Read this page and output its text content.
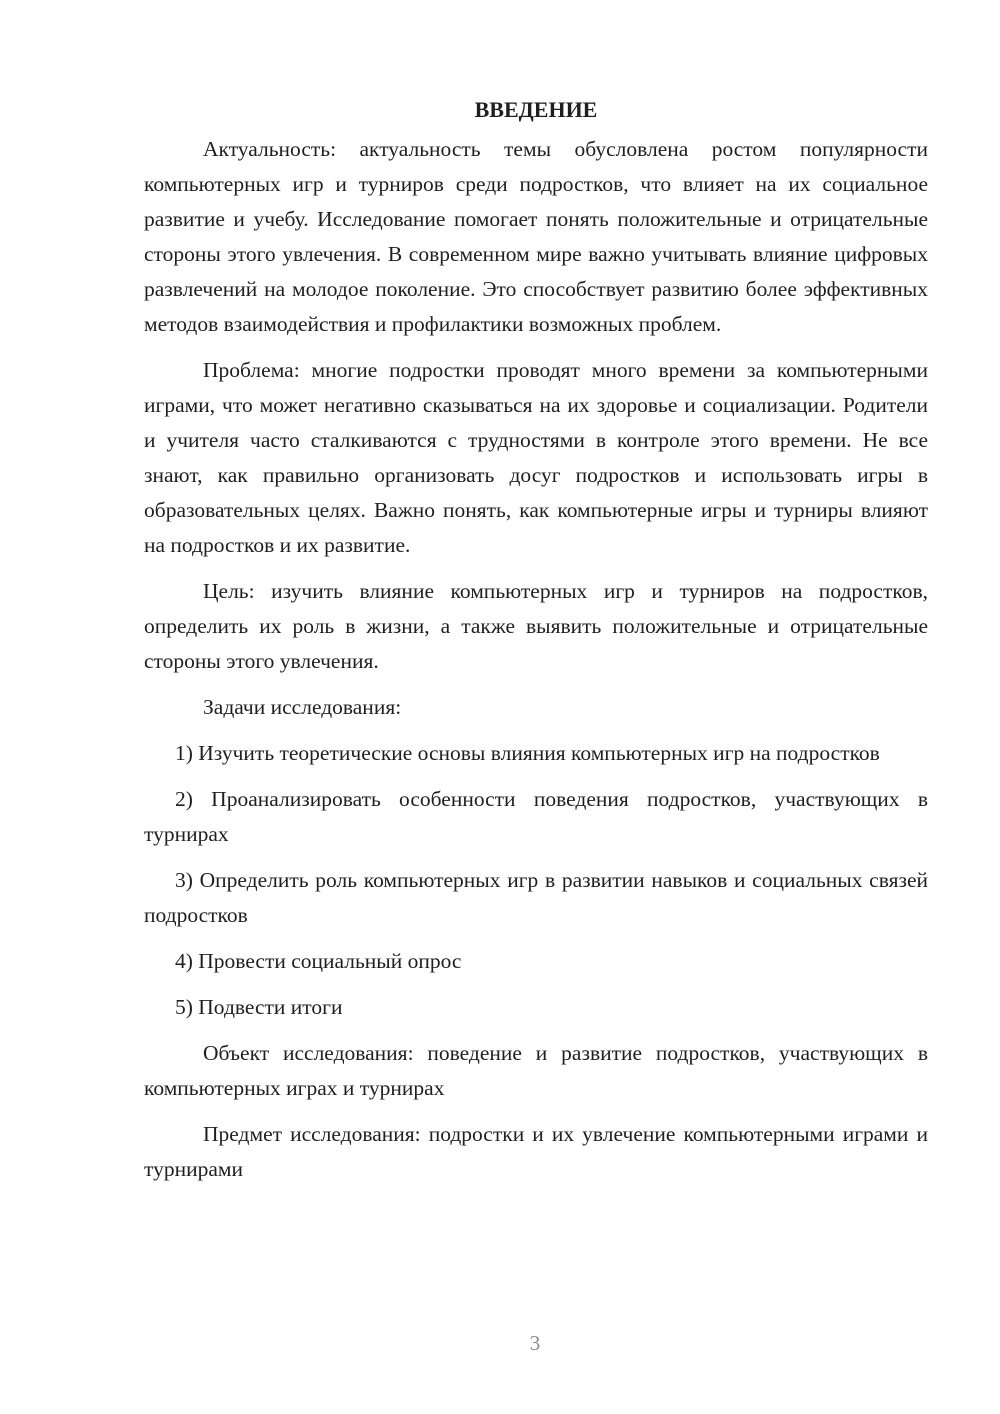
ВВЕДЕНИЕ

Актуальность: актуальность темы обусловлена ростом популярности компьютерных игр и турниров среди подростков, что влияет на их социальное развитие и учебу. Исследование помогает понять положительные и отрицательные стороны этого увлечения. В современном мире важно учитывать влияние цифровых развлечений на молодое поколение. Это способствует развитию более эффективных методов взаимодействия и профилактики возможных проблем.

Проблема: многие подростки проводят много времени за компьютерными играми, что может негативно сказываться на их здоровье и социализации. Родители и учителя часто сталкиваются с трудностями в контроле этого времени. Не все знают, как правильно организовать досуг подростков и использовать игры в образовательных целях. Важно понять, как компьютерные игры и турниры влияют на подростков и их развитие.

Цель: изучить влияние компьютерных игр и турниров на подростков, определить их роль в жизни, а также выявить положительные и отрицательные стороны этого увлечения.

Задачи исследования:

1) Изучить теоретические основы влияния компьютерных игр на подростков

2) Проанализировать особенности поведения подростков, участвующих в турнирах

3) Определить роль компьютерных игр в развитии навыков и социальных связей подростков

4) Провести социальный опрос

5) Подвести итоги

Объект исследования: поведение и развитие подростков, участвующих в компьютерных играх и турнирах

Предмет исследования: подростки и их увлечение компьютерными играми и турнирами

3
